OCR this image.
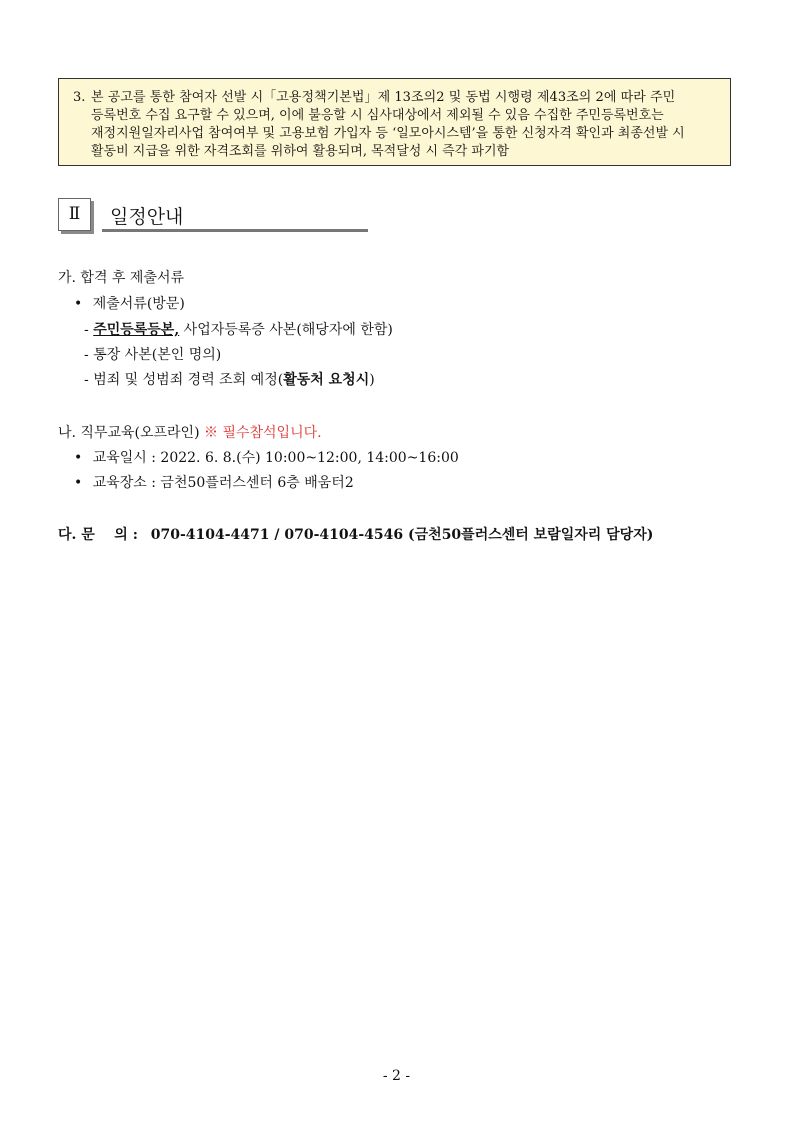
3. 본 공고를 통한 참여자 선발 시「고용정책기본법」제 13조의2 및 동법 시행령 제43조의 2에 따라 주민
등록번호 수집 요구할 수 있으며, 이에 불응할 시 심사대상에서 제외될 수 있음 수집한 주민등록번호는
재정지원일자리사업 참여여부 및 고용보험 가입자 등 ‘일모아시스템’을 통한 신청자격 확인과 최종선발 시
활동비 지급을 위한 자격조회를 위하여 활용되며, 목적달성 시 즉각 파기함
Ⅱ	일정안내
가. 합격 후 제출서류
• 제출서류(방문)
- 주민등록등본, 사업자등록증 사본(해당자에 한함)
- 통장 사본(본인 명의)
- 범죄 및 성범죄 경력 조회 예정(활동처 요청시)
나. 직무교육(오프라인) ※ 필수참석입니다.
• 교육일시 : 2022. 6. 8.(수) 10:00~12:00, 14:00~16:00
• 교육장소 : 금천50플러스센터 6층 배움터2
다. 문    의 : 070-4104-4471 / 070-4104-4546 (금천50플러스센터 보람일자리 담당자)
- 2 -
